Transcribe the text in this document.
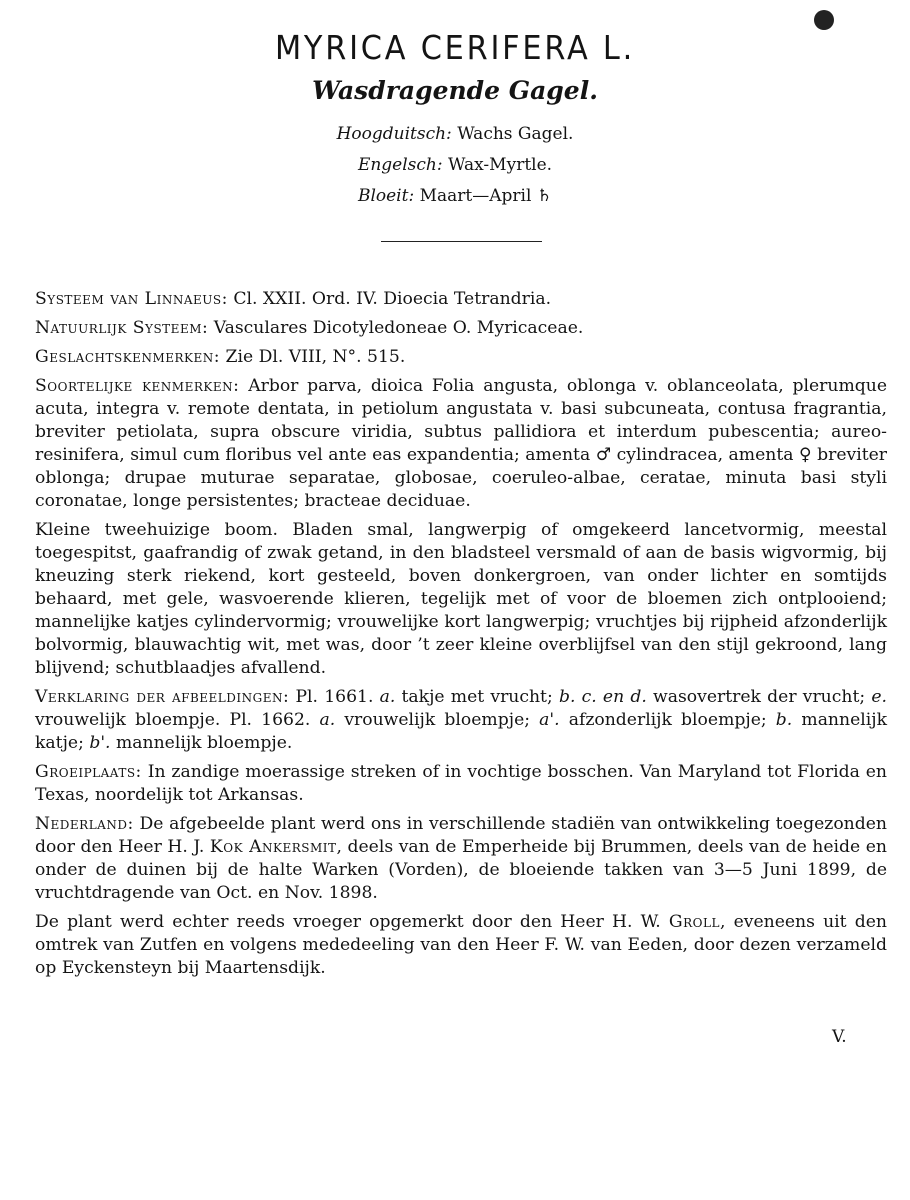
MYRICA CERIFERA L.
Wasdragende Gagel.
Hoogduitsch: Wachs Gagel.
Engelsch: Wax-Myrtle.
Bloeit: Maart—April ♄

Systeem van Linnaeus: Cl. XXII. Ord. IV. Dioecia Tetrandria.

Natuurlijk Systeem: Vasculares Dicotyledoneae O. Myricaceae.

Geslachtskenmerken: Zie Dl. VIII, N°. 515.

Soortelijke kenmerken: Arbor parva, dioica Folia angusta, oblonga v. oblanceolata, plerumque acuta, integra v. remote dentata, in petiolum angustata v. basi subcuneata, contusa fragrantia, breviter petiolata, supra obscure viridia, subtus pallidiora et interdum pubescentia; aureo-resinifera, simul cum floribus vel ante eas expandentia; amenta ♂ cylindracea, amenta ♀ breviter oblonga; drupae muturae separatae, globosae, coeruleo-albae, ceratae, minuta basi styli coronatae, longe persistentes; bracteae deciduae.

Kleine tweehuizige boom. Bladen smal, langwerpig of omgekeerd lancetvormig, meestal toegespitst, gaafrandig of zwak getand, in den bladsteel versmald of aan de basis wigvormig, bij kneuzing sterk riekend, kort gesteeld, boven donkergroen, van onder lichter en somtijds behaard, met gele, wasvoerende klieren, tegelijk met of voor de bloemen zich ontplooiend; mannelijke katjes cylindervormig; vrouwelijke kort langwerpig; vruchtjes bij rijpheid afzonderlijk bolvormig, blauwachtig wit, met was, door ’t zeer kleine overblijfsel van den stijl gekroond, lang blijvend; schutblaadjes afvallend.

Verklaring der afbeeldingen: Pl. 1661. a. takje met vrucht; b. c. en d. wasovertrek der vrucht; e. vrouwelijk bloempje. Pl. 1662. a. vrouwelijk bloempje; a'. afzonderlijk bloempje; b. mannelijk katje; b'. mannelijk bloempje.

Groeiplaats: In zandige moerassige streken of in vochtige bosschen. Van Maryland tot Florida en Texas, noordelijk tot Arkansas.

Nederland: De afgebeelde plant werd ons in verschillende stadiën van ontwikkeling toegezonden door den Heer H. J. Kok Ankersmit, deels van de Emperheide bij Brummen, deels van de heide en onder de duinen bij de halte Warken (Vorden), de bloeiende takken van 3—5 Juni 1899, de vruchtdragende van Oct. en Nov. 1898.

De plant werd echter reeds vroeger opgemerkt door den Heer H. W. Groll, eveneens uit den omtrek van Zutfen en volgens mededeeling van den Heer F. W. van Eeden, door dezen verzameld op Eyckensteyn bij Maartensdijk.

V.
